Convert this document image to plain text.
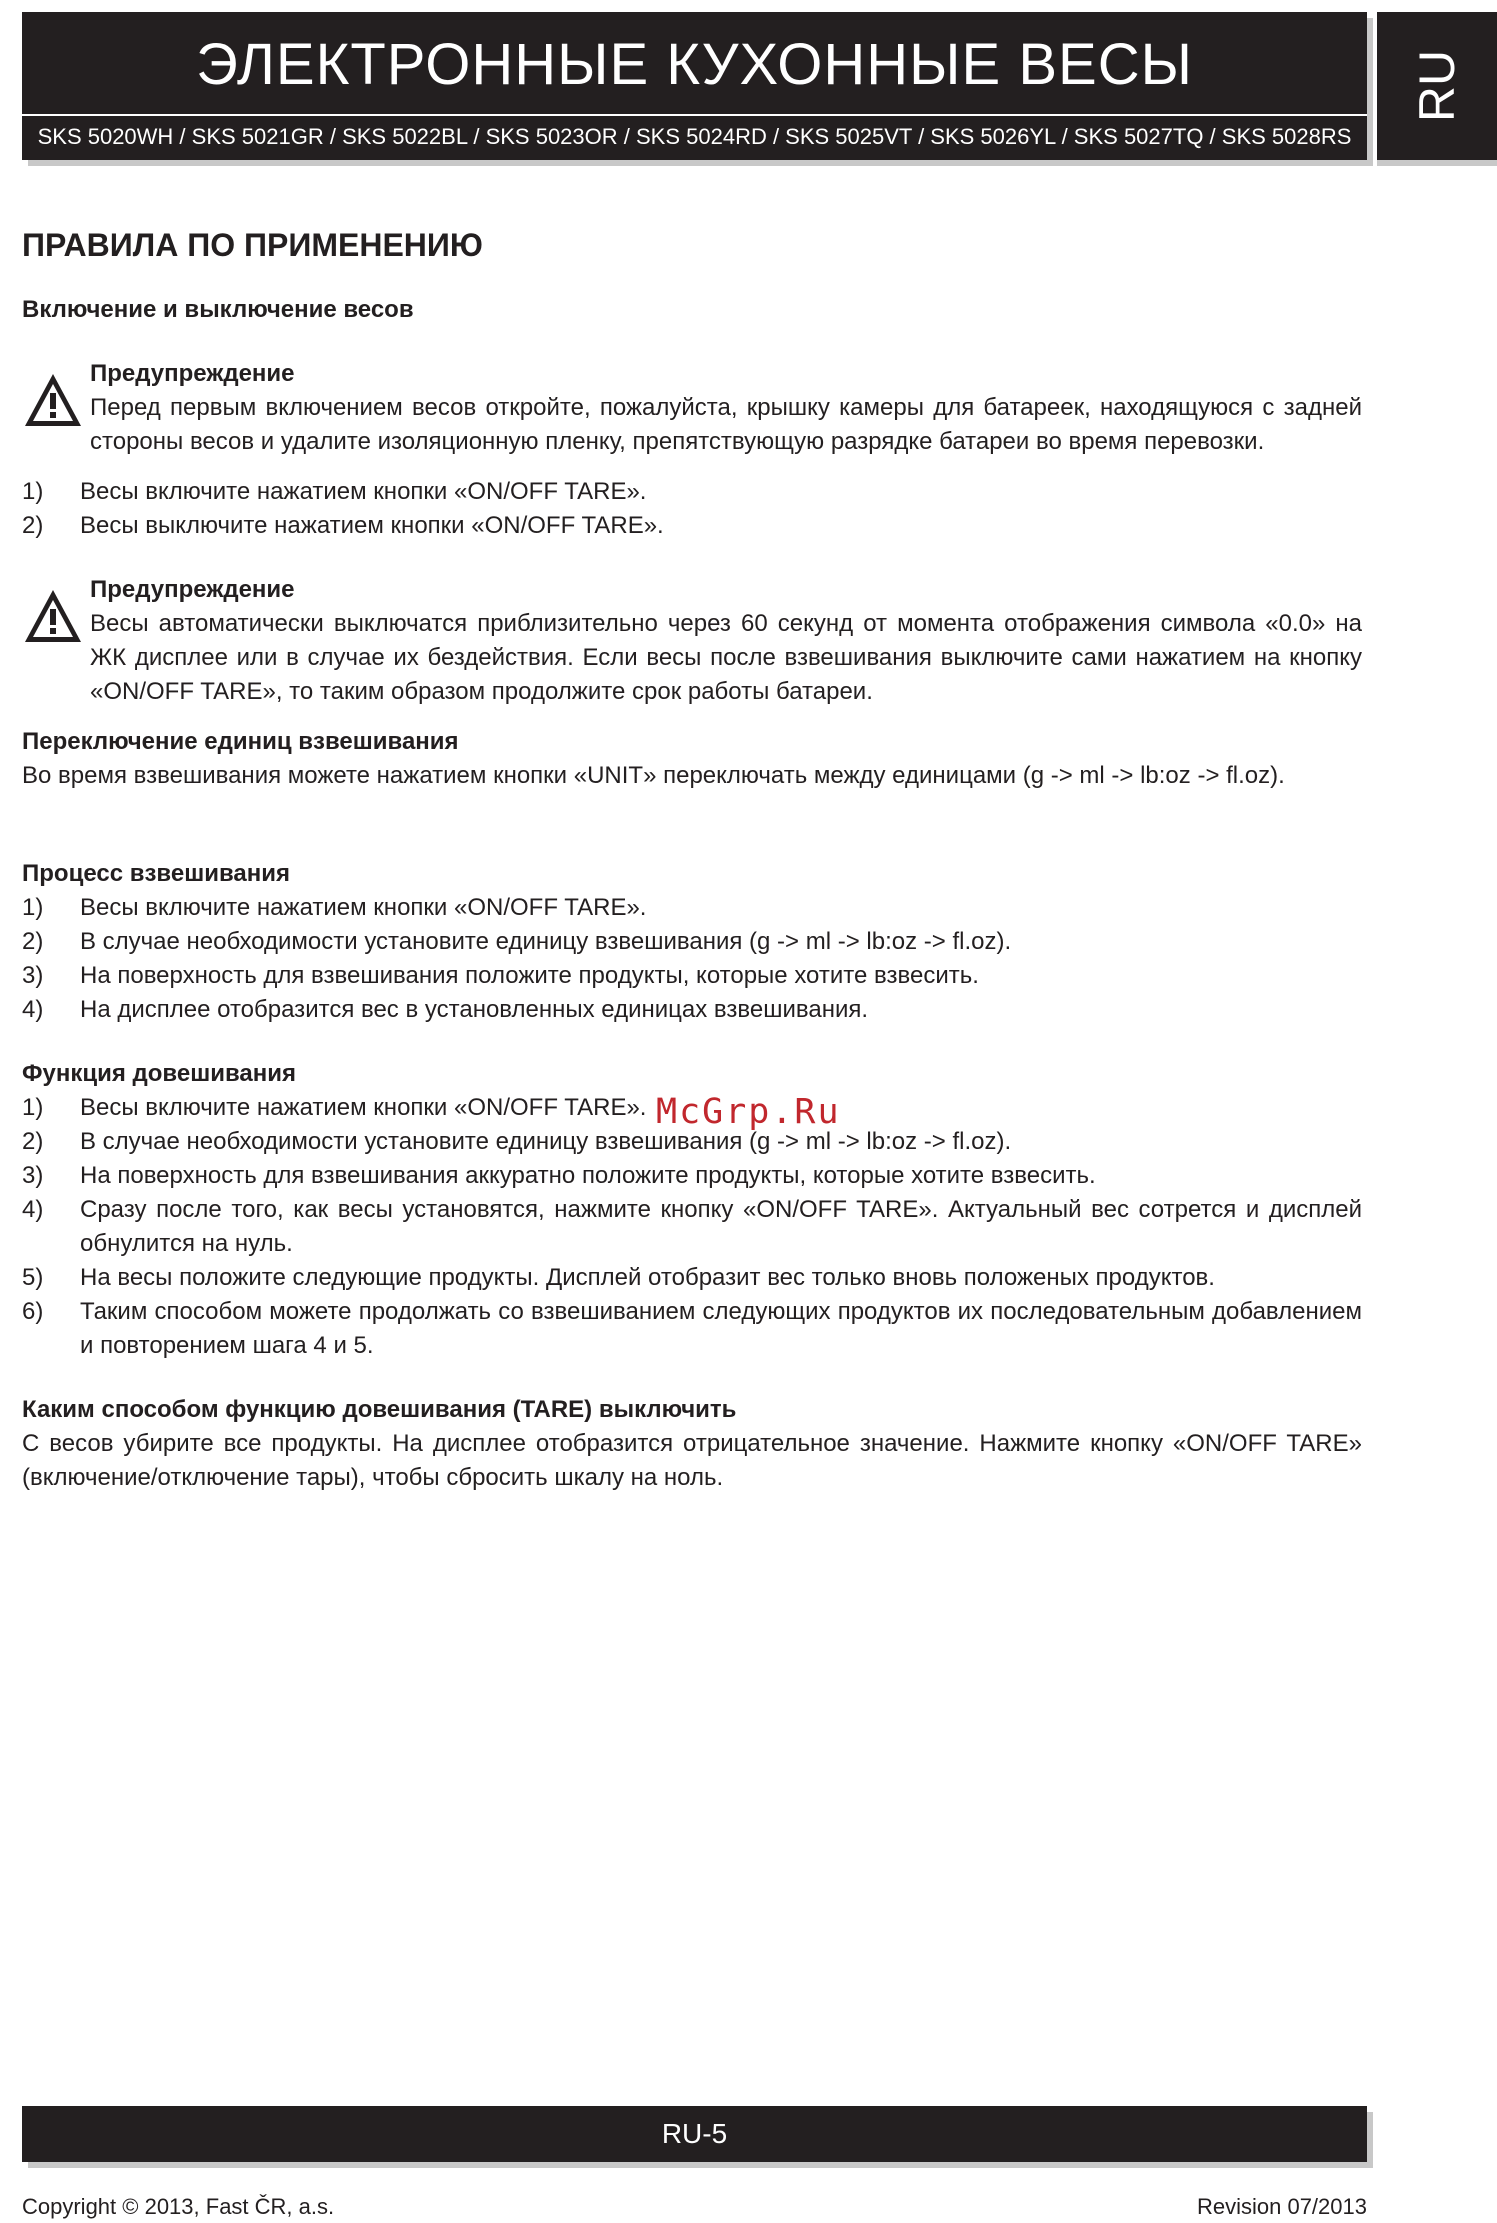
ЭЛЕКТРОННЫЕ КУХОННЫЕ ВЕСЫ
SKS 5020WH / SKS 5021GR / SKS 5022BL / SKS 5023OR / SKS 5024RD / SKS 5025VT / SKS 5026YL / SKS 5027TQ / SKS 5028RS
RU
ПРАВИЛА ПО ПРИМЕНЕНИЮ
Включение и выключение весов

Предупреждение

Перед первым включением весов откройте, пожалуйста, крышку камеры для батареек, находящуюся с задней стороны весов и удалите изоляционную пленку, препятствующую разрядке батареи во время перевозки.

1) Весы включите нажатием кнопки «ON/OFF TARE».
2) Весы выключите нажатием кнопки «ON/OFF TARE».

Предупреждение

Весы автоматически выключатся приблизительно через 60 секунд от момента отображения символа «0.0» на ЖК дисплее или в случае их бездействия. Если весы после взвешивания выключите сами нажатием на кнопку «ON/OFF TARE», то таким образом продолжите срок работы батареи.

Переключение единиц взвешивания

Во время взвешивания можете нажатием кнопки «UNIT» переключать между единицами (g -> ml -> lb:oz -> fl.oz).

Процесс взвешивания
1) Весы включите нажатием кнопки «ON/OFF TARE».
2) В случае необходимости установите единицу взвешивания (g -> ml -> lb:oz -> fl.oz).
3) На поверхность для взвешивания положите продукты, которые хотите взвесить.
4) На дисплее отобразится вес в установленных единицах взвешивания.
Функция довешивания
1) Весы включите нажатием кнопки «ON/OFF TARE».
2) В случае необходимости установите единицу взвешивания (g -> ml -> lb:oz -> fl.oz).
3) На поверхность для взвешивания аккуратно положите продукты, которые хотите взвесить.
4) Сразу после того, как весы установятся, нажмите кнопку «ON/OFF TARE». Актуальный вес сотрется и дисплей обнулится на нуль.
5) На весы положите следующие продукты. Дисплей отобразит вес только вновь положеных продуктов.
6) Таким способом можете продолжать со взвешиванием следующих продуктов их последовательным добавлением и повторением шага 4 и 5.
Каким способом функцию довешивания (TARE) выключить

С весов убирите все продукты. На дисплее отобразится отрицательное значение. Нажмите кнопку «ON/OFF TARE» (включение/отключение тары), чтобы сбросить шкалу на ноль.

McGrp.Ru
RU-5
Copyright © 2013, Fast ČR, a.s.	Revision 07/2013
